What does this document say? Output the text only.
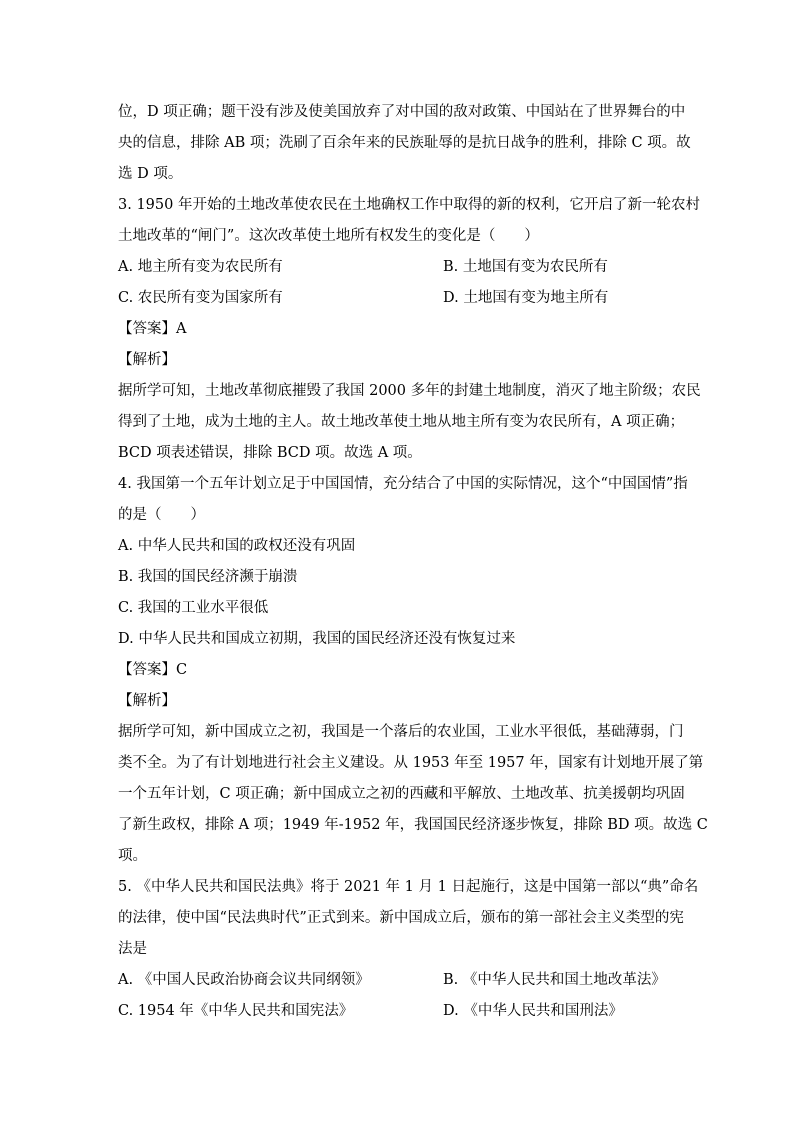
位，D 项正确；题干没有涉及使美国放弃了对中国的敌对政策、中国站在了世界舞台的中
央的信息，排除 AB 项；洗刷了百余年来的民族耻辱的是抗日战争的胜利，排除 C 项。故
选 D 项。
3. 1950 年开始的土地改革使农民在土地确权工作中取得的新的权利，它开启了新一轮农村
土地改革的“闸门”。这次改革使土地所有权发生的变化是（　　）
A. 地主所有变为农民所有	B. 土地国有变为农民所有
C. 农民所有变为国家所有	D. 土地国有变为地主所有
【答案】A
【解析】
据所学可知，土地改革彻底摧毁了我国 2000 多年的封建土地制度，消灭了地主阶级；农民
得到了土地，成为土地的主人。故土地改革使土地从地主所有变为农民所有，A 项正确；
BCD 项表述错误，排除 BCD 项。故选 A 项。
4. 我国第一个五年计划立足于中国国情，充分结合了中国的实际情况，这个“中国国情”指
的是（　　）
A. 中华人民共和国的政权还没有巩固
B. 我国的国民经济濒于崩溃
C. 我国的工业水平很低
D. 中华人民共和国成立初期，我国的国民经济还没有恢复过来
【答案】C
【解析】
据所学可知，新中国成立之初，我国是一个落后的农业国，工业水平很低，基础薄弱，门
类不全。为了有计划地进行社会主义建设。从 1953 年至 1957 年，国家有计划地开展了第
一个五年计划，C 项正确；新中国成立之初的西藏和平解放、土地改革、抗美援朝均巩固
了新生政权，排除 A 项；1949 年-1952 年，我国国民经济逐步恢复，排除 BD 项。故选 C
项。
5. 《中华人民共和国民法典》将于 2021 年 1 月 1 日起施行，这是中国第一部以“典”命名
的法律，使中国“民法典时代”正式到来。新中国成立后，颁布的第一部社会主义类型的宪
法是
A. 《中国人民政治协商会议共同纲领》	B. 《中华人民共和国土地改革法》
C. 1954 年《中华人民共和国宪法》	D. 《中华人民共和国刑法》
